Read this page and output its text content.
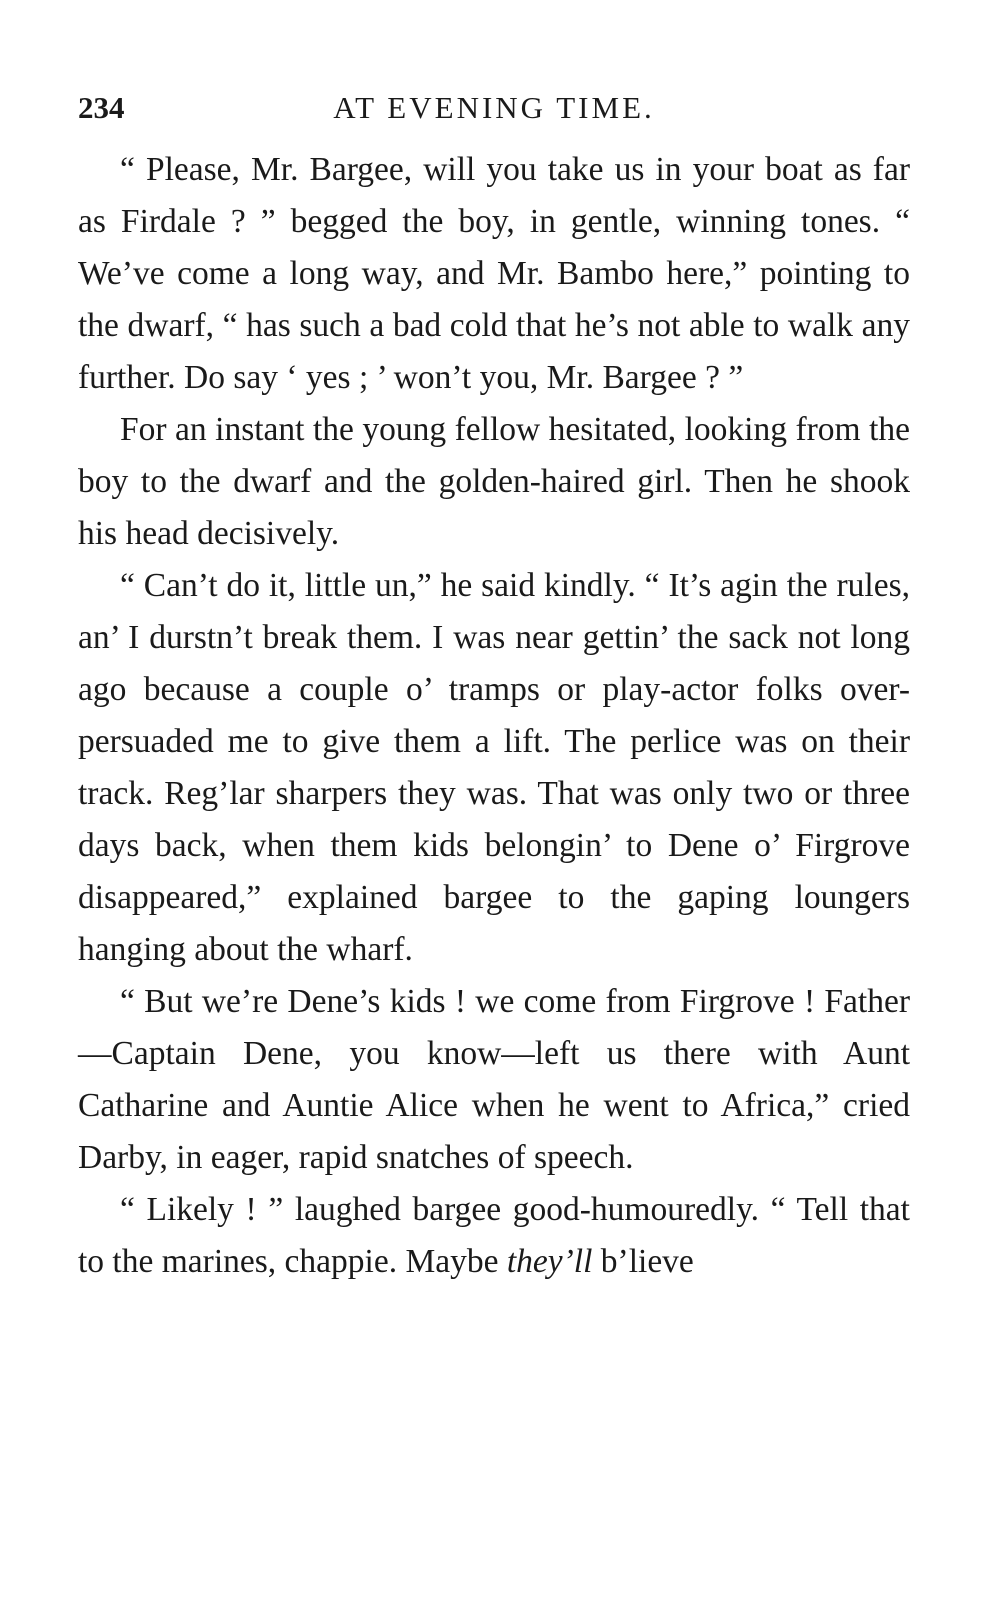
234	AT EVENING TIME.

“ Please, Mr. Bargee, will you take us in your boat as far as Firdale ? ” begged the boy, in gentle, winning tones. “ We’ve come a long way, and Mr. Bambo here,” pointing to the dwarf, “ has such a bad cold that he’s not able to walk any further. Do say ‘ yes ; ’ won’t you, Mr. Bargee ? ”

For an instant the young fellow hesitated, looking from the boy to the dwarf and the golden-haired girl. Then he shook his head decisively.

“ Can’t do it, little un,” he said kindly. “ It’s agin the rules, an’ I durstn’t break them. I was near gettin’ the sack not long ago because a couple o’ tramps or play-actor folks over-persuaded me to give them a lift. The perlice was on their track. Reg’lar sharpers they was. That was only two or three days back, when them kids belongin’ to Dene o’ Firgrove disappeared,” explained bargee to the gaping loungers hanging about the wharf.

“ But we’re Dene’s kids ! we come from Firgrove ! Father—Captain Dene, you know—left us there with Aunt Catharine and Auntie Alice when he went to Africa,” cried Darby, in eager, rapid snatches of speech.

“ Likely ! ” laughed bargee good-humouredly. “ Tell that to the marines, chappie. Maybe they’ll b’lieve
